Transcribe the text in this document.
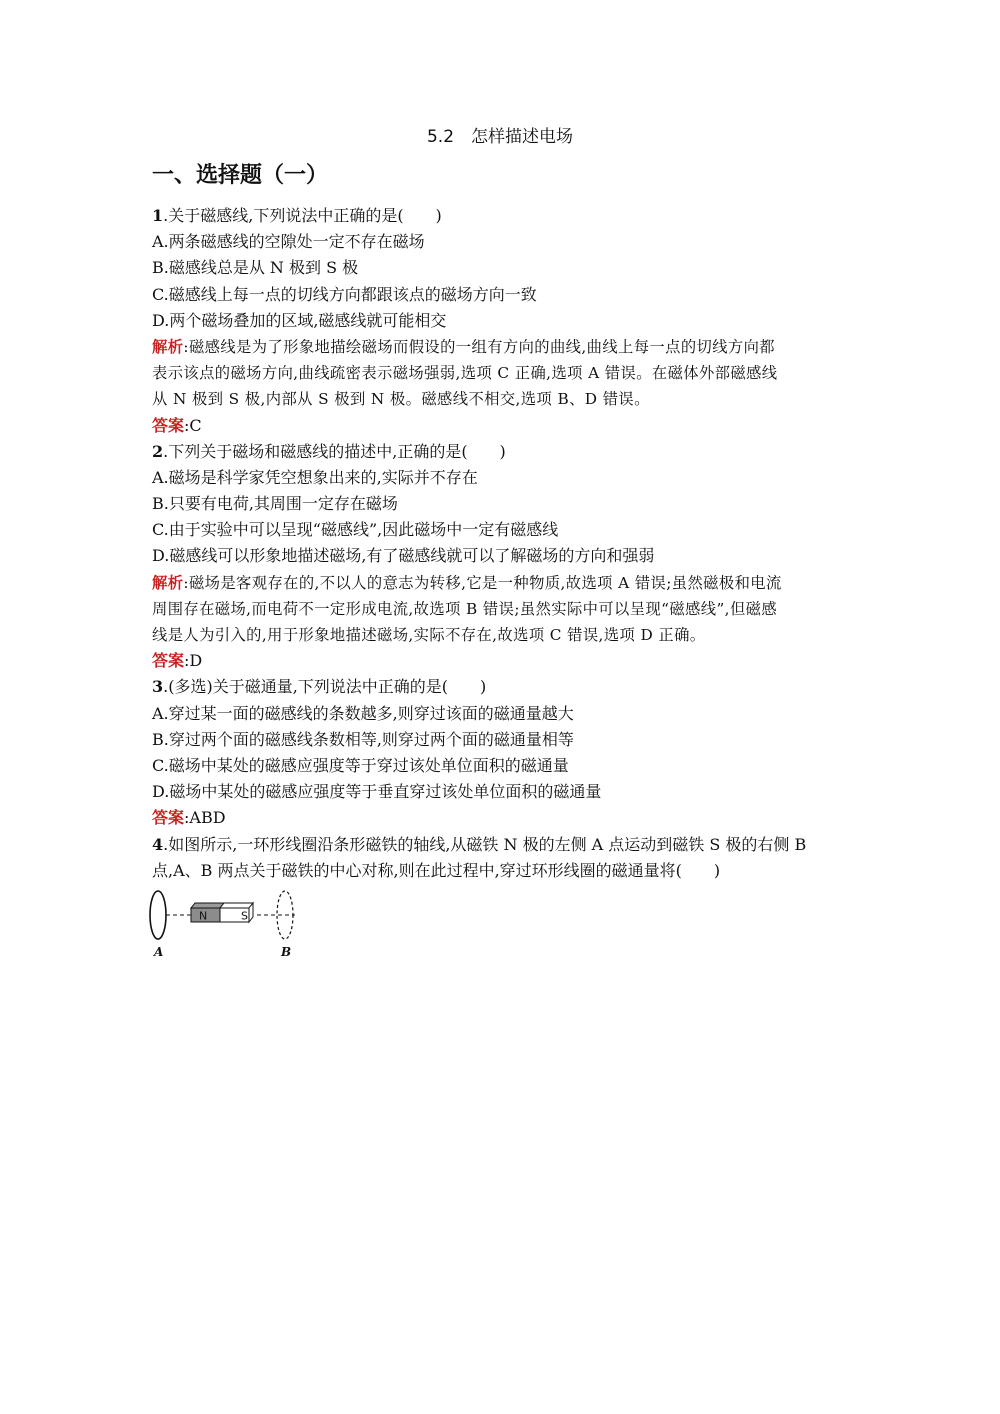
5.2　怎样描述电场
一、选择题（一）
1.关于磁感线,下列说法中正确的是(　　)
A.两条磁感线的空隙处一定不存在磁场
B.磁感线总是从 N 极到 S 极
C.磁感线上每一点的切线方向都跟该点的磁场方向一致
D.两个磁场叠加的区域,磁感线就可能相交
解析:磁感线是为了形象地描绘磁场而假设的一组有方向的曲线,曲线上每一点的切线方向都
表示该点的磁场方向,曲线疏密表示磁场强弱,选项 C 正确,选项 A 错误。在磁体外部磁感线
从 N 极到 S 极,内部从 S 极到 N 极。磁感线不相交,选项 B、D 错误。
答案:C
2.下列关于磁场和磁感线的描述中,正确的是(　　)
A.磁场是科学家凭空想象出来的,实际并不存在
B.只要有电荷,其周围一定存在磁场
C.由于实验中可以呈现“磁感线”,因此磁场中一定有磁感线
D.磁感线可以形象地描述磁场,有了磁感线就可以了解磁场的方向和强弱
解析:磁场是客观存在的,不以人的意志为转移,它是一种物质,故选项 A 错误;虽然磁极和电流
周围存在磁场,而电荷不一定形成电流,故选项 B 错误;虽然实际中可以呈现“磁感线”,但磁感
线是人为引入的,用于形象地描述磁场,实际不存在,故选项 C 错误,选项 D 正确。
答案:D
3.(多选)关于磁通量,下列说法中正确的是(　　)
A.穿过某一面的磁感线的条数越多,则穿过该面的磁通量越大
B.穿过两个面的磁感线条数相等,则穿过两个面的磁通量相等
C.磁场中某处的磁感应强度等于穿过该处单位面积的磁通量
D.磁场中某处的磁感应强度等于垂直穿过该处单位面积的磁通量
答案:ABD
4.如图所示,一环形线圈沿条形磁铁的轴线,从磁铁 N 极的左侧 A 点运动到磁铁 S 极的右侧 B
点,A、B 两点关于磁铁的中心对称,则在此过程中,穿过环形线圈的磁通量将(　　)
N	S
A	B
